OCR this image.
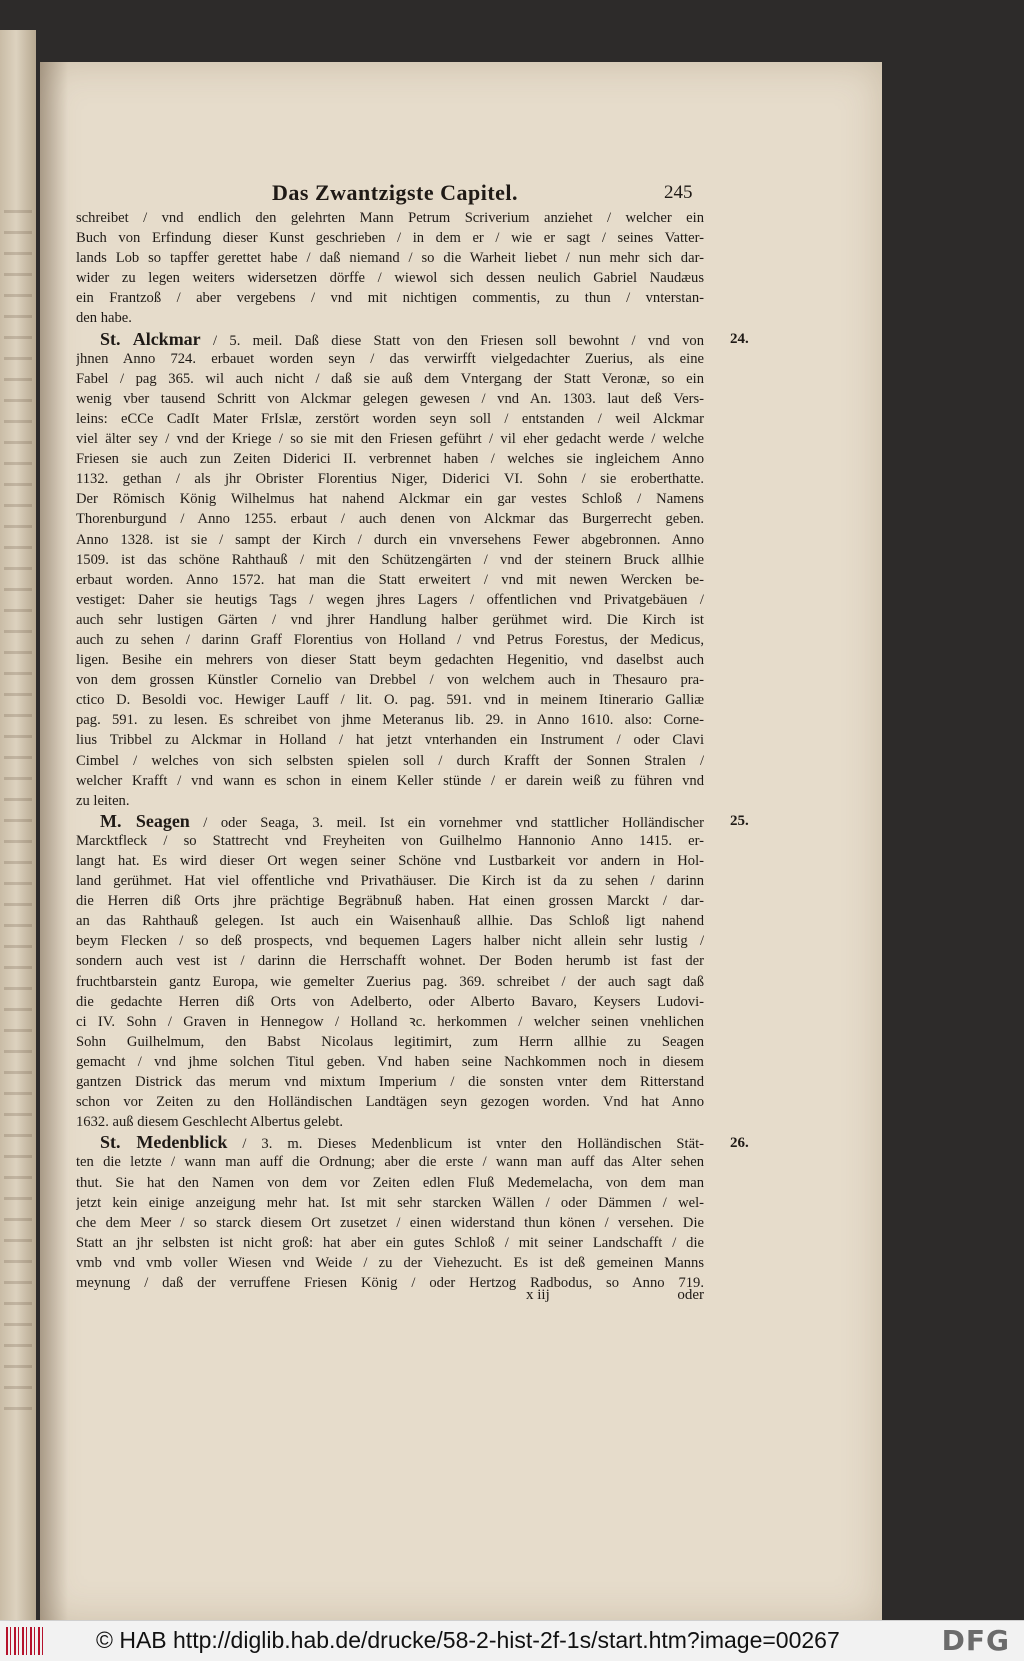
Das Zwantzigste Capitel.	245
schreibet / vnd endlich den gelehrten Mann Petrum Scriverium anziehet / welcher ein
Buch von Erfindung dieser Kunst geschrieben / in dem er / wie er sagt / seines Vatter-
lands Lob so tapffer gerettet habe / daß niemand / so die Warheit liebet / nun mehr sich dar-
wider zu legen weiters widersetzen dörffe / wiewol sich dessen neulich Gabriel Naudæus
ein Frantzoß / aber vergebens / vnd mit nichtigen commentis, zu thun / vnterstan-
den habe.
St. Alckmar / 5. meil. Daß diese Statt von den Friesen soll bewohnt / vnd von
jhnen Anno 724. erbauet worden seyn / das verwirfft vielgedachter Zuerius, als eine
Fabel / pag 365. wil auch nicht / daß sie auß dem Vntergang der Statt Veronæ, so ein
wenig vber tausend Schritt von Alckmar gelegen gewesen / vnd An. 1303. laut deß Vers-
leins: eCCe CadIt Mater FrIslæ, zerstört worden seyn soll / entstanden / weil Alckmar
viel älter sey / vnd der Kriege / so sie mit den Friesen geführt / vil eher gedacht werde / welche
Friesen sie auch zun Zeiten Diderici II. verbrennet haben / welches sie ingleichem Anno
1132. gethan / als jhr Obrister Florentius Niger, Diderici VI. Sohn / sie eroberthatte.
Der Römisch König Wilhelmus hat nahend Alckmar ein gar vestes Schloß / Namens
Thorenburgund / Anno 1255. erbaut / auch denen von Alckmar das Burgerrecht geben.
Anno 1328. ist sie / sampt der Kirch / durch ein vnversehens Fewer abgebronnen. Anno
1509. ist das schöne Rahthauß / mit den Schützengärten / vnd der steinern Bruck allhie
erbaut worden. Anno 1572. hat man die Statt erweitert / vnd mit newen Wercken be-
vestiget: Daher sie heutigs Tags / wegen jhres Lagers / offentlichen vnd Privatgebäuen /
auch sehr lustigen Gärten / vnd jhrer Handlung halber gerühmet wird. Die Kirch ist
auch zu sehen / darinn Graff Florentius von Holland / vnd Petrus Forestus, der Medicus,
ligen. Besihe ein mehrers von dieser Statt beym gedachten Hegenitio, vnd daselbst auch
von dem grossen Künstler Cornelio van Drebbel / von welchem auch in Thesauro pra-
ctico D. Besoldi voc. Hewiger Lauff / lit. O. pag. 591. vnd in meinem Itinerario Galliæ
pag. 591. zu lesen. Es schreibet von jhme Meteranus lib. 29. in Anno 1610. also: Corne-
lius Tribbel zu Alckmar in Holland / hat jetzt vnterhanden ein Instrument / oder Clavi
Cimbel / welches von sich selbsten spielen soll / durch Krafft der Sonnen Stralen /
welcher Krafft / vnd wann es schon in einem Keller stünde / er darein weiß zu führen vnd
zu leiten.
M. Seagen / oder Seaga, 3. meil. Ist ein vornehmer vnd stattlicher Holländischer
Marcktfleck / so Stattrecht vnd Freyheiten von Guilhelmo Hannonio Anno 1415. er-
langt hat. Es wird dieser Ort wegen seiner Schöne vnd Lustbarkeit vor andern in Hol-
land gerühmet. Hat viel offentliche vnd Privathäuser. Die Kirch ist da zu sehen / darinn
die Herren diß Orts jhre prächtige Begräbnuß haben. Hat einen grossen Marckt / dar-
an das Rahthauß gelegen. Ist auch ein Waisenhauß allhie. Das Schloß ligt nahend
beym Flecken / so deß prospects, vnd bequemen Lagers halber nicht allein sehr lustig /
sondern auch vest ist / darinn die Herrschafft wohnet. Der Boden herumb ist fast der
fruchtbarstein gantz Europa, wie gemelter Zuerius pag. 369. schreibet / der auch sagt daß
die gedachte Herren diß Orts von Adelberto, oder Alberto Bavaro, Keysers Ludovi-
ci IV. Sohn / Graven in Hennegow / Holland ꝛc. herkommen / welcher seinen vnehlichen
Sohn Guilhelmum, den Babst Nicolaus legitimirt, zum Herrn allhie zu Seagen
gemacht / vnd jhme solchen Titul geben. Vnd haben seine Nachkommen noch in diesem
gantzen Districk das merum vnd mixtum Imperium / die sonsten vnter dem Ritterstand
schon vor Zeiten zu den Holländischen Landtägen seyn gezogen worden. Vnd hat Anno
1632. auß diesem Geschlecht Albertus gelebt.
St. Medenblick / 3. m. Dieses Medenblicum ist vnter den Holländischen Stät-
ten die letzte / wann man auff die Ordnung; aber die erste / wann man auff das Alter sehen
thut. Sie hat den Namen von dem vor Zeiten edlen Fluß Medemelacha, von dem man
jetzt kein einige anzeigung mehr hat. Ist mit sehr starcken Wällen / oder Dämmen / wel-
che dem Meer / so starck diesem Ort zusetzet / einen widerstand thun könen / versehen. Die
Statt an jhr selbsten ist nicht groß: hat aber ein gutes Schloß / mit seiner Landschafft / die
vmb vnd vmb voller Wiesen vnd Weide / zu der Viehezucht. Es ist deß gemeinen Manns
meynung / daß der verruffene Friesen König / oder Hertzog Radbodus, so Anno 719.
x iij	oder
24.
25.
26.
© HAB http://diglib.hab.de/drucke/58-2-hist-2f-1s/start.htm?image=00267	DFG
